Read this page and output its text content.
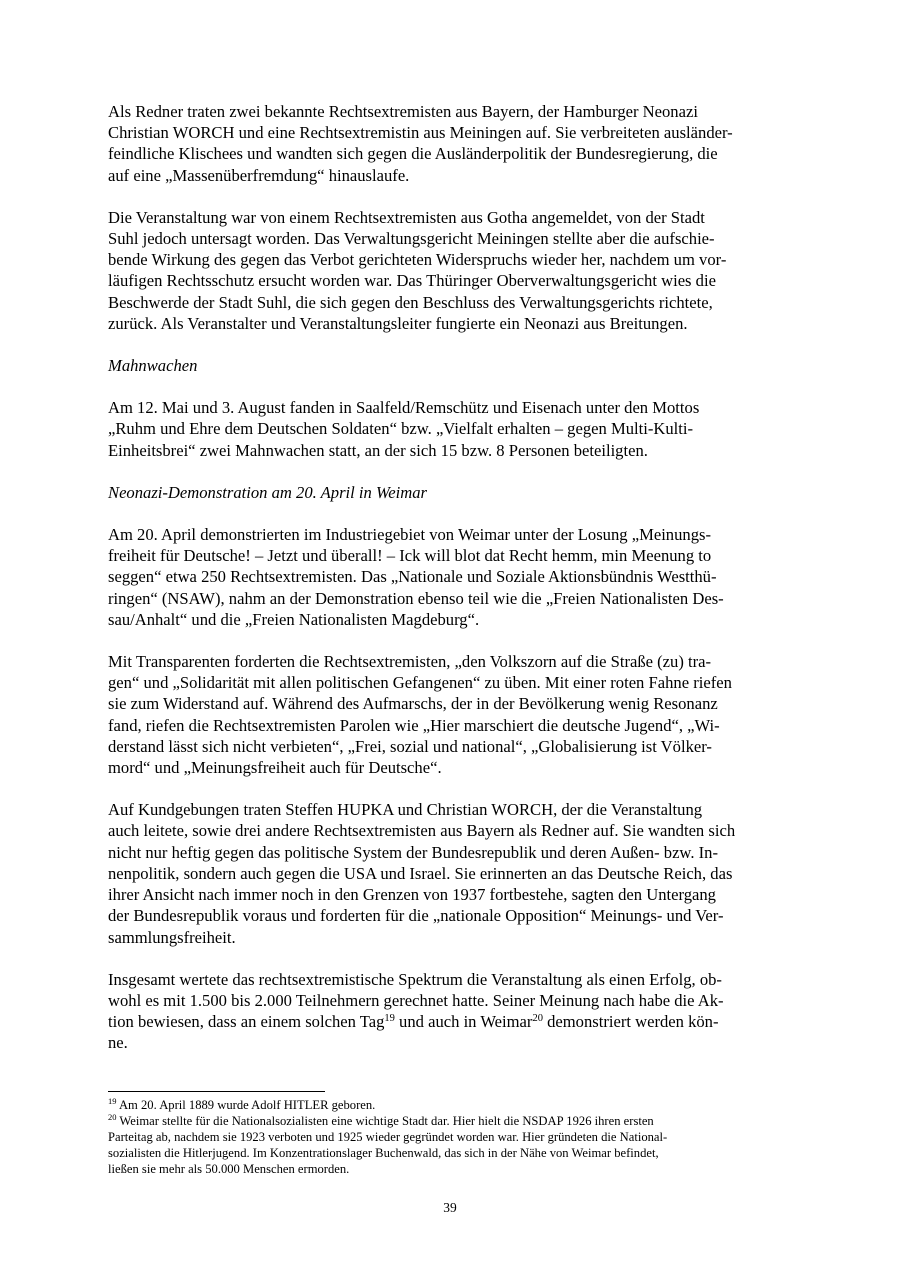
Als Redner traten zwei bekannte Rechtsextremisten aus Bayern, der Hamburger Neonazi
Christian WORCH und eine Rechtsextremistin aus Meiningen auf. Sie verbreiteten ausländer-
feindliche Klischees und wandten sich gegen die Ausländerpolitik der Bundesregierung, die
auf eine „Massenüberfremdung“ hinauslaufe.

Die Veranstaltung war von einem Rechtsextremisten aus Gotha angemeldet, von der Stadt
Suhl jedoch untersagt worden. Das Verwaltungsgericht Meiningen stellte aber die aufschie-
bende Wirkung des gegen das Verbot gerichteten Widerspruchs wieder her, nachdem um vor-
läufigen Rechtsschutz ersucht worden war. Das Thüringer Oberverwaltungsgericht wies die
Beschwerde der Stadt Suhl, die sich gegen den Beschluss des Verwaltungsgerichts richtete,
zurück. Als Veranstalter und Veranstaltungsleiter fungierte ein Neonazi aus Breitungen.

Mahnwachen

Am 12. Mai und 3. August fanden in Saalfeld/Remschütz und Eisenach unter den Mottos
„Ruhm und Ehre dem Deutschen Soldaten“ bzw. „Vielfalt erhalten – gegen Multi-Kulti-
Einheitsbrei“ zwei Mahnwachen statt, an der sich 15 bzw. 8 Personen beteiligten.

Neonazi-Demonstration am 20. April in Weimar

Am 20. April demonstrierten im Industriegebiet von Weimar unter der Losung „Meinungs-
freiheit für Deutsche! – Jetzt und überall! – Ick will blot dat Recht hemm, min Meenung to
seggen“ etwa 250 Rechtsextremisten. Das „Nationale und Soziale Aktionsbündnis Westthü-
ringen“ (NSAW), nahm an der Demonstration ebenso teil wie die „Freien Nationalisten Des-
sau/Anhalt“ und die „Freien Nationalisten Magdeburg“.

Mit Transparenten forderten die Rechtsextremisten, „den Volkszorn auf die Straße (zu) tra-
gen“ und „Solidarität mit allen politischen Gefangenen“ zu üben. Mit einer roten Fahne riefen
sie zum Widerstand auf. Während des Aufmarschs, der in der Bevölkerung wenig Resonanz
fand, riefen die Rechtsextremisten Parolen wie „Hier marschiert die deutsche Jugend“, „Wi-
derstand lässt sich nicht verbieten“, „Frei, sozial und national“, „Globalisierung ist Völker-
mord“ und „Meinungsfreiheit auch für Deutsche“.

Auf Kundgebungen traten Steffen HUPKA und Christian WORCH, der die Veranstaltung
auch leitete, sowie drei andere Rechtsextremisten aus Bayern als Redner auf. Sie wandten sich
nicht nur heftig gegen das politische System der Bundesrepublik und deren Außen- bzw. In-
nenpolitik, sondern auch gegen die USA und Israel. Sie erinnerten an das Deutsche Reich, das
ihrer Ansicht nach immer noch in den Grenzen von 1937 fortbestehe, sagten den Untergang
der Bundesrepublik voraus und forderten für die „nationale Opposition“ Meinungs- und Ver-
sammlungsfreiheit.

Insgesamt wertete das rechtsextremistische Spektrum die Veranstaltung als einen Erfolg, ob-
wohl es mit 1.500 bis 2.000 Teilnehmern gerechnet hatte. Seiner Meinung nach habe die Ak-
tion bewiesen, dass an einem solchen Tag$^{19}$ und auch in Weimar$^{20}$ demonstriert werden kön-
ne.

$^{19}$ Am 20. April 1889 wurde Adolf HITLER geboren.

$^{20}$ Weimar stellte für die Nationalsozialisten eine wichtige Stadt dar. Hier hielt die NSDAP 1926 ihren ersten
Parteitag ab, nachdem sie 1923 verboten und 1925 wieder gegründet worden war. Hier gründeten die National-
sozialisten die Hitlerjugend. Im Konzentrationslager Buchenwald, das sich in der Nähe von Weimar befindet,
ließen sie mehr als 50.000 Menschen ermorden.

39
